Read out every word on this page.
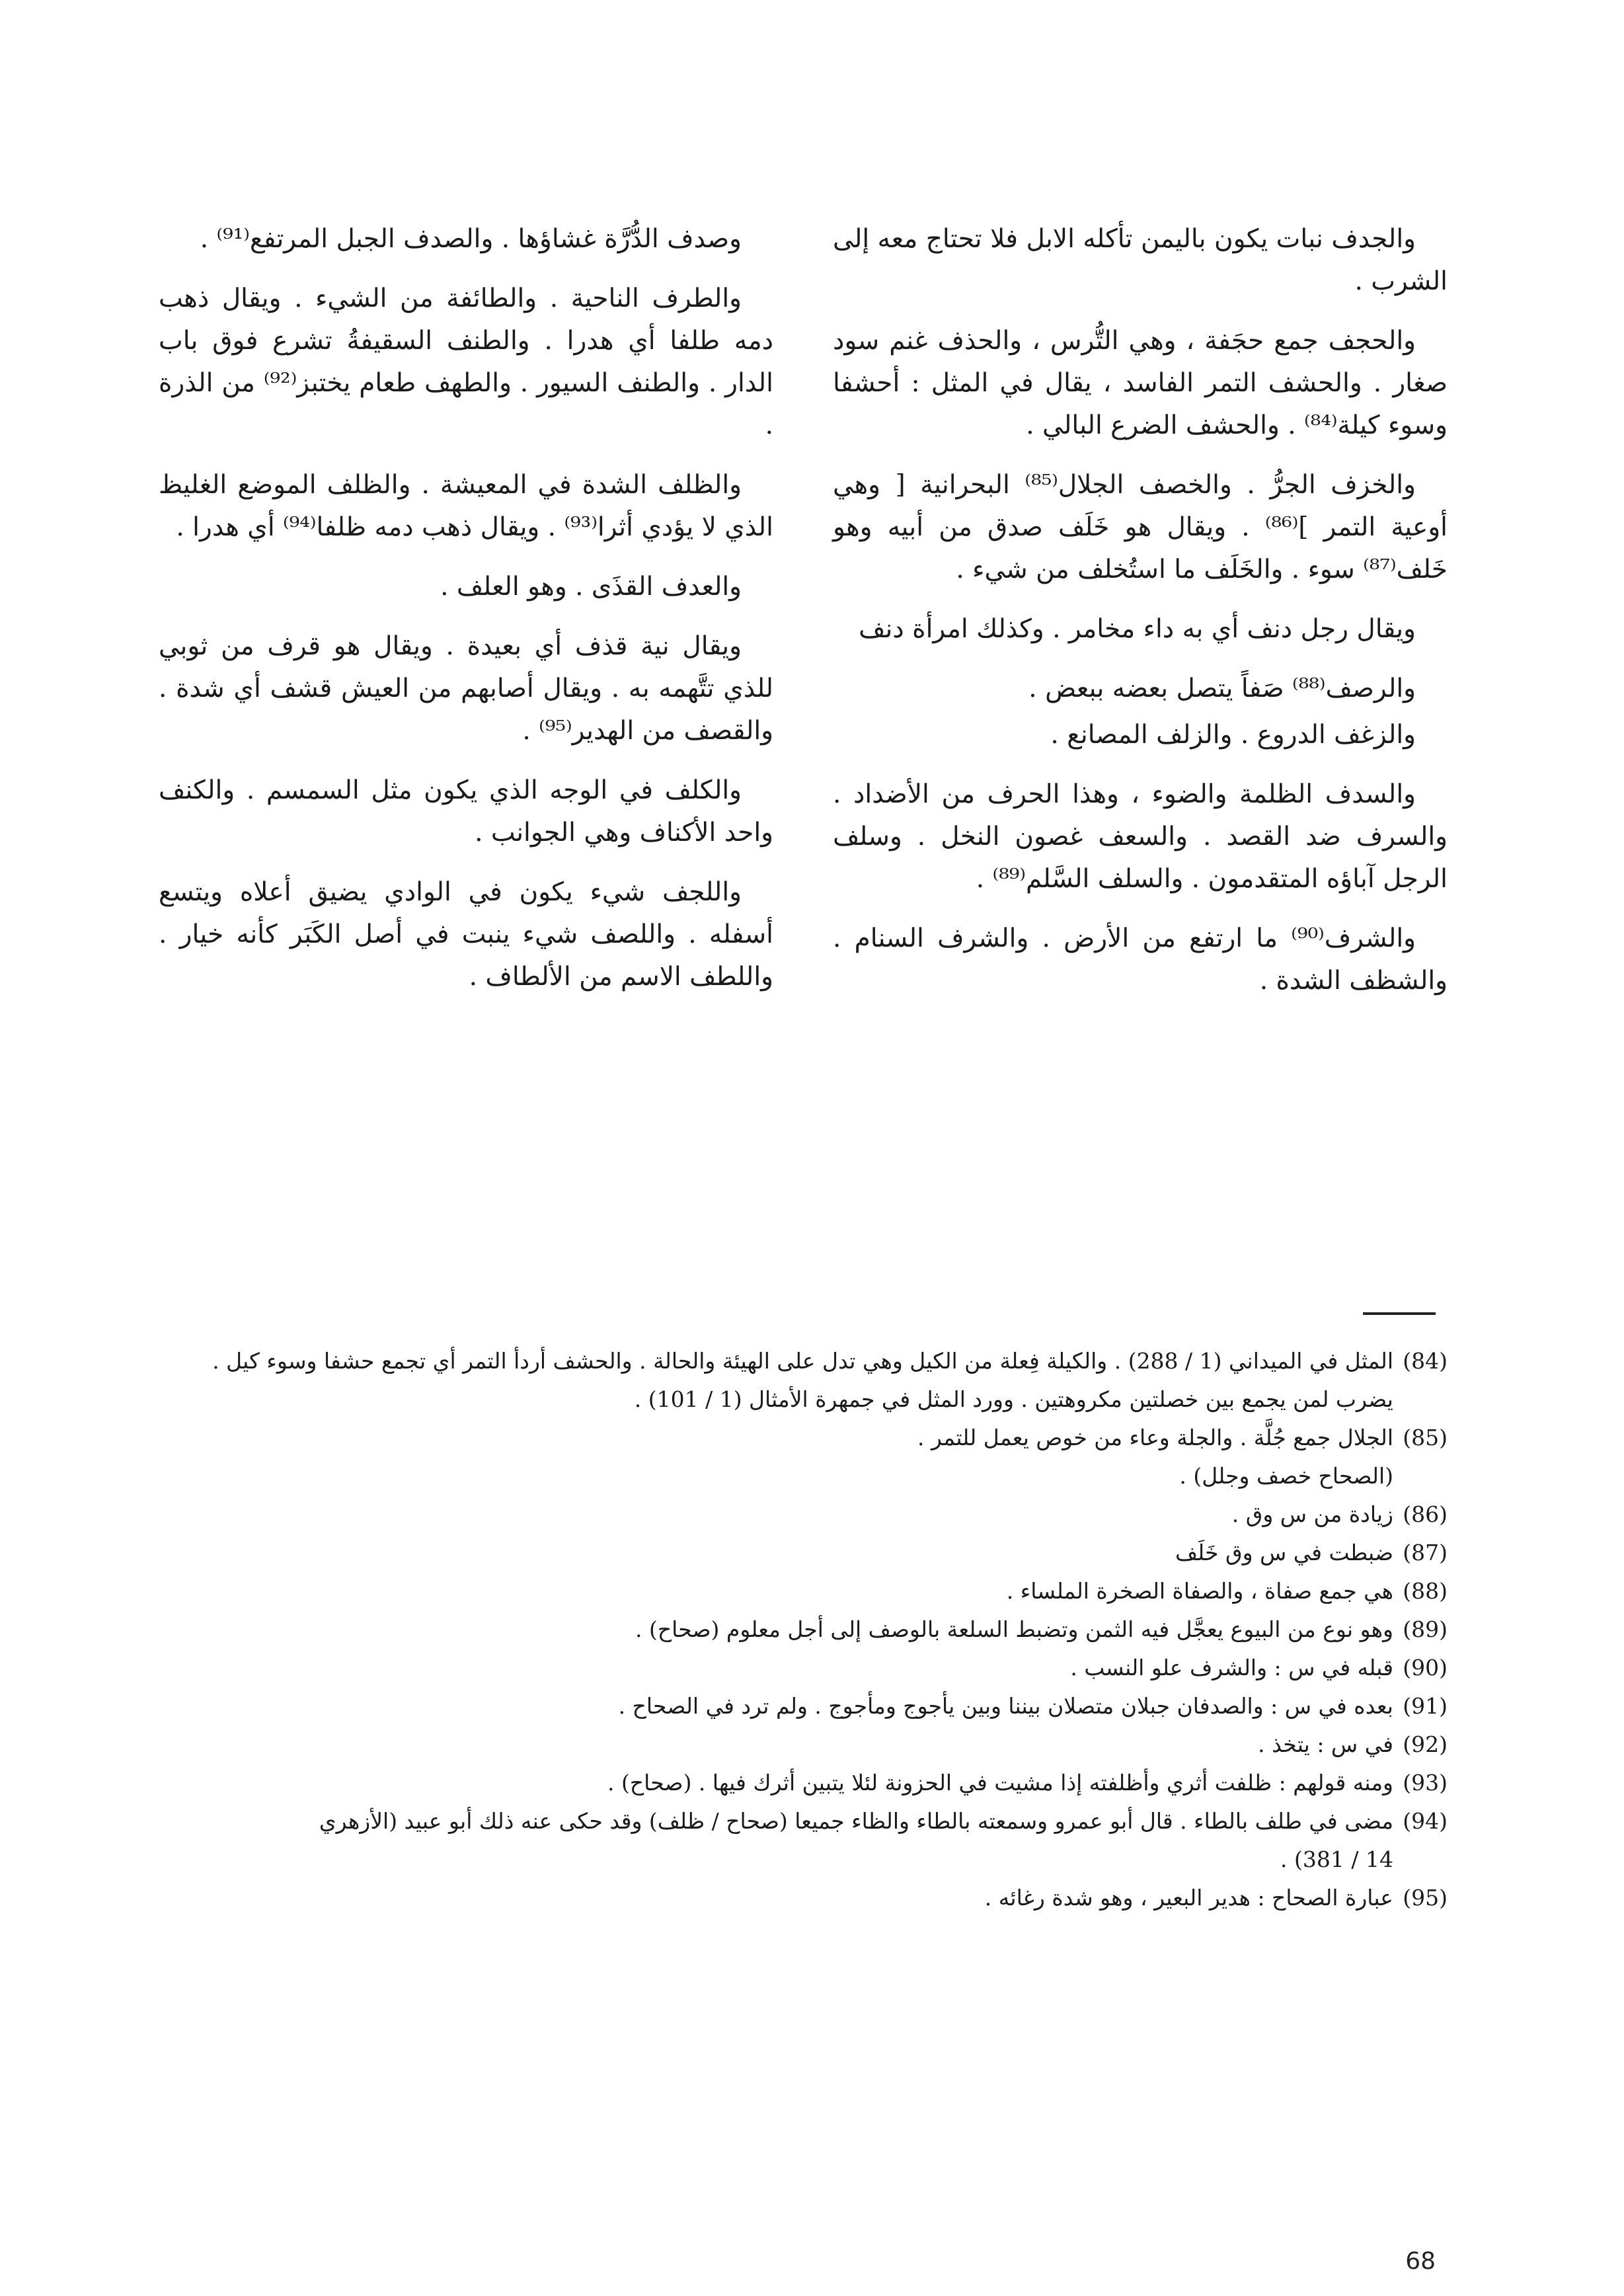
والجدف نبات يكون باليمن تأكله الابل فلا تحتاج معه إلى الشرب .

والحجف جمع حجَفة ، وهي التُّرس ، والحذف غنم سود صغار . والحشف التمر الفاسد ، يقال في المثل : أحشفا وسوء كيلة⁽⁸⁴⁾ . والحشف الضرع البالي .

والخزف الجرُّ . والخصف الجلال⁽⁸⁵⁾ البحرانية [ وهي أوعية التمر ]⁽⁸⁶⁾ . ويقال هو خَلَف صدق من أبيه وهو خَلف⁽⁸⁷⁾ سوء . والخَلَف ما استُخلف من شيء .

ويقال رجل دنف أي به داء مخامر . وكذلك امرأة دنف

والرصف⁽⁸⁸⁾ صَفاً يتصل بعضه ببعض .

والزغف الدروع . والزلف المصانع .

والسدف الظلمة والضوء ، وهذا الحرف من الأضداد . والسرف ضد القصد . والسعف غصون النخل . وسلف الرجل آباؤه المتقدمون . والسلف السَّلم⁽⁸⁹⁾ .

والشرف⁽⁹⁰⁾ ما ارتفع من الأرض . والشرف السنام . والشظف الشدة .

وصدف الدُّرَّة غشاؤها . والصدف الجبل المرتفع⁽⁹¹⁾ .

والطرف الناحية . والطائفة من الشيء . ويقال ذهب دمه طلفا أي هدرا . والطنف السقيفةُ تشرع فوق باب الدار . والطنف السيور . والطهف طعام يختبز⁽⁹²⁾ من الذرة .

والظلف الشدة في المعيشة . والظلف الموضع الغليظ الذي لا يؤدي أثرا⁽⁹³⁾ . ويقال ذهب دمه ظلفا⁽⁹⁴⁾ أي هدرا .

والعدف القذَى . وهو العلف .

ويقال نية قذف أي بعيدة . ويقال هو قرف من ثوبي للذي تتَّهمه به . ويقال أصابهم من العيش قشف أي شدة . والقصف من الهدير⁽⁹⁵⁾ .

والكلف في الوجه الذي يكون مثل السمسم . والكنف واحد الأكناف وهي الجوانب .

واللجف شيء يكون في الوادي يضيق أعلاه ويتسع أسفله . واللصف شيء ينبت في أصل الكَبَر كأنه خيار . واللطف الاسم من الألطاف .

(84)
المثل في الميداني (1 / 288) . والكيلة فِعلة من الكيل وهي تدل على الهيئة والحالة . والحشف أردأ التمر أي تجمع حشفا وسوء كيل .
يضرب لمن يجمع بين خصلتين مكروهتين . وورد المثل في جمهرة الأمثال (1 / 101) .
(85)
الجلال جمع جُلَّة . والجلة وعاء من خوص يعمل للتمر .
(الصحاح خصف وجلل) .
(86)
زيادة من س وق .
(87)
ضبطت في س وق خَلَف
(88)
هي جمع صفاة ، والصفاة الصخرة الملساء .
(89)
وهو نوع من البيوع يعجَّل فيه الثمن وتضبط السلعة بالوصف إلى أجل معلوم (صحاح) .
(90)
قبله في س : والشرف علو النسب .
(91)
بعده في س : والصدفان جبلان متصلان بيننا وبين يأجوج ومأجوج . ولم ترد في الصحاح .
(92)
في س : يتخذ .
(93)
ومنه قولهم : ظلفت أثري وأظلفته إذا مشيت في الحزونة لئلا يتبين أثرك فيها . (صحاح) .
(94)
مضى في طلف بالطاء . قال أبو عمرو وسمعته بالطاء والظاء جميعا (صحاح / ظلف) وقد حكى عنه ذلك أبو عبيد (الأزهري
14 / 381) .
(95)
عبارة الصحاح : هدير البعير ، وهو شدة رغائه .
68
